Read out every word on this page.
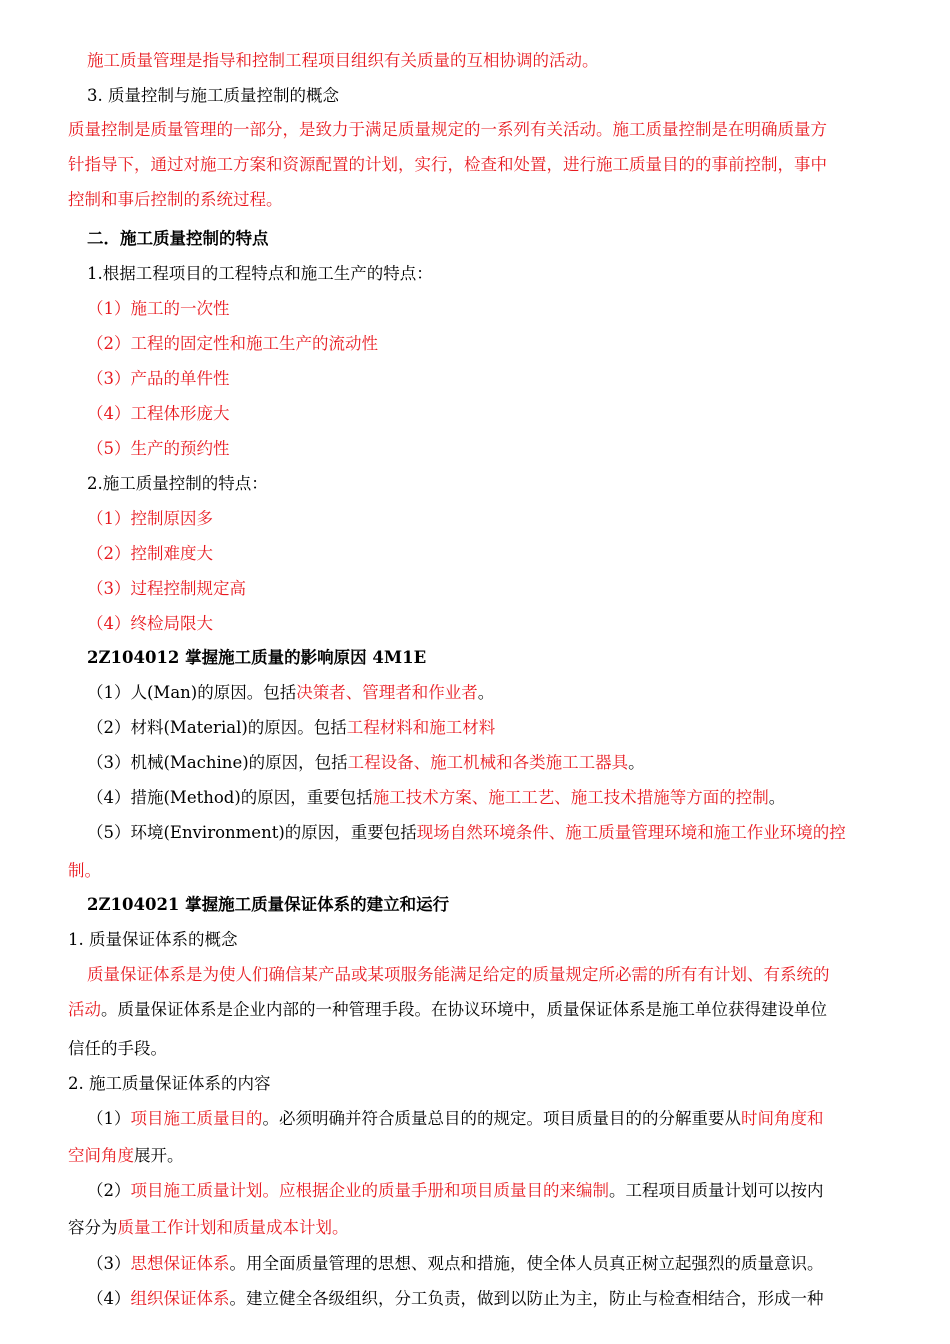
施工质量管理是指导和控制工程项目组织有关质量的互相协调的活动。
3. 质量控制与施工质量控制的概念
质量控制是质量管理的一部分，是致力于满足质量规定的一系列有关活动。施工质量控制是在明确质量方
针指导下，通过对施工方案和资源配置的计划，实行，检查和处置，进行施工质量目的的事前控制，事中
控制和事后控制的系统过程。
二．施工质量控制的特点
1.根据工程项目的工程特点和施工生产的特点：
（1）施工的一次性
（2）工程的固定性和施工生产的流动性
（3）产品的单件性
（4）工程体形庞大
（5）生产的预约性
2.施工质量控制的特点：
（1）控制原因多
（2）控制难度大
（3）过程控制规定高
（4）终检局限大
2Z104012 掌握施工质量的影响原因 4M1E
（1）人(Man)的原因。包括决策者、管理者和作业者。
（2）材料(Material)的原因。包括工程材料和施工材料
（3）机械(Machine)的原因，包括工程设备、施工机械和各类施工工器具。
（4）措施(Method)的原因，重要包括施工技术方案、施工工艺、施工技术措施等方面的控制。
（5）环境(Environment)的原因，重要包括现场自然环境条件、施工质量管理环境和施工作业环境的控
制。
2Z104021 掌握施工质量保证体系的建立和运行
1. 质量保证体系的概念
质量保证体系是为使人们确信某产品或某项服务能满足给定的质量规定所必需的所有有计划、有系统的
活动。质量保证体系是企业内部的一种管理手段。在协议环境中，质量保证体系是施工单位获得建设单位
信任的手段。
2. 施工质量保证体系的内容
（1）项目施工质量目的。必须明确并符合质量总目的的规定。项目质量目的的分解重要从时间角度和
空间角度展开。
（2）项目施工质量计划。应根据企业的质量手册和项目质量目的来编制。工程项目质量计划可以按内
容分为质量工作计划和质量成本计划。
（3）思想保证体系。用全面质量管理的思想、观点和措施，使全体人员真正树立起强烈的质量意识。
（4）组织保证体系。建立健全各级组织，分工负责，做到以防止为主，防止与检查相结合，形成一种
